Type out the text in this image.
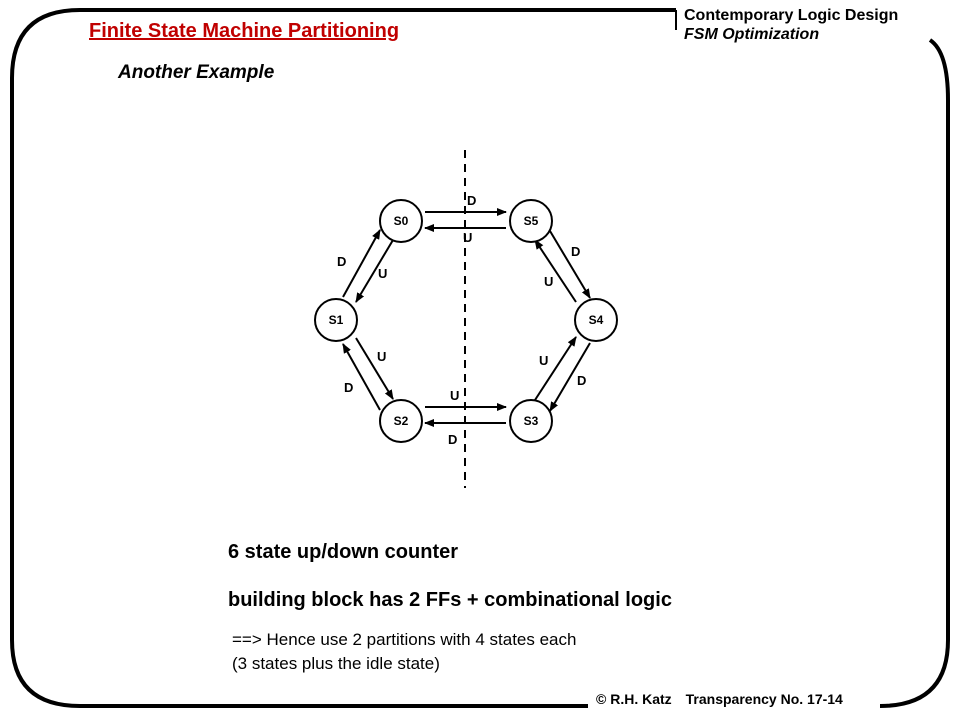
Finite State Machine Partitioning
Another Example
Contemporary Logic Design
FSM Optimization
D
U
D
U
U
D
U
D
U
D
D
U
S0
S1
S2	S3
S4
S5
6 state up/down counter
building block has 2 FFs + combinational logic
==> Hence use 2 partitions with 4 states each
(3 states plus the idle state)
© R.H. Katz Transparency No. 17-14
